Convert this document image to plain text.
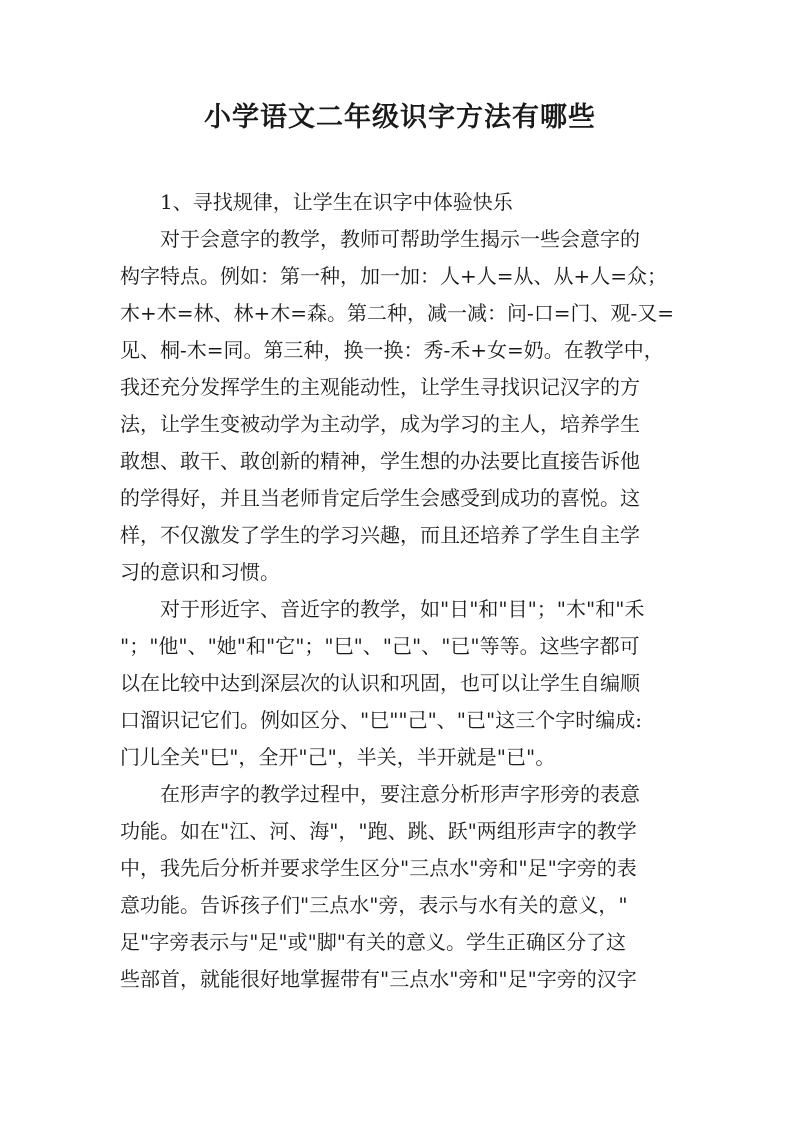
小学语文二年级识字方法有哪些
1、寻找规律，让学生在识字中体验快乐
对于会意字的教学，教师可帮助学生揭示一些会意字的
构字特点。例如：第一种，加一加：人+人=从、从+人=众；
木+木=林、林+木=森。第二种，减一减：问-口=门、观-又=
见、桐-木=同。第三种，换一换：秀-禾+女=奶。在教学中，
我还充分发挥学生的主观能动性，让学生寻找识记汉字的方
法，让学生变被动学为主动学，成为学习的主人，培养学生
敢想、敢干、敢创新的精神，学生想的办法要比直接告诉他
的学得好，并且当老师肯定后学生会感受到成功的喜悦。这
样，不仅激发了学生的学习兴趣，而且还培养了学生自主学
习的意识和习惯。
对于形近字、音近字的教学，如"日"和"目"；"木"和"禾
"；"他"、"她"和"它"；"巳"、"己"、"已"等等。这些字都可
以在比较中达到深层次的认识和巩固，也可以让学生自编顺
口溜识记它们。例如区分、"巳""己"、"已"这三个字时编成:
门儿全关"巳"，全开"己"，半关，半开就是"已"。
在形声字的教学过程中，要注意分析形声字形旁的表意
功能。如在"江、河、海"，"跑、跳、跃"两组形声字的教学
中，我先后分析并要求学生区分"三点水"旁和"足"字旁的表
意功能。告诉孩子们"三点水"旁，表示与水有关的意义，"
足"字旁表示与"足"或"脚"有关的意义。学生正确区分了这
些部首，就能很好地掌握带有"三点水"旁和"足"字旁的汉字
